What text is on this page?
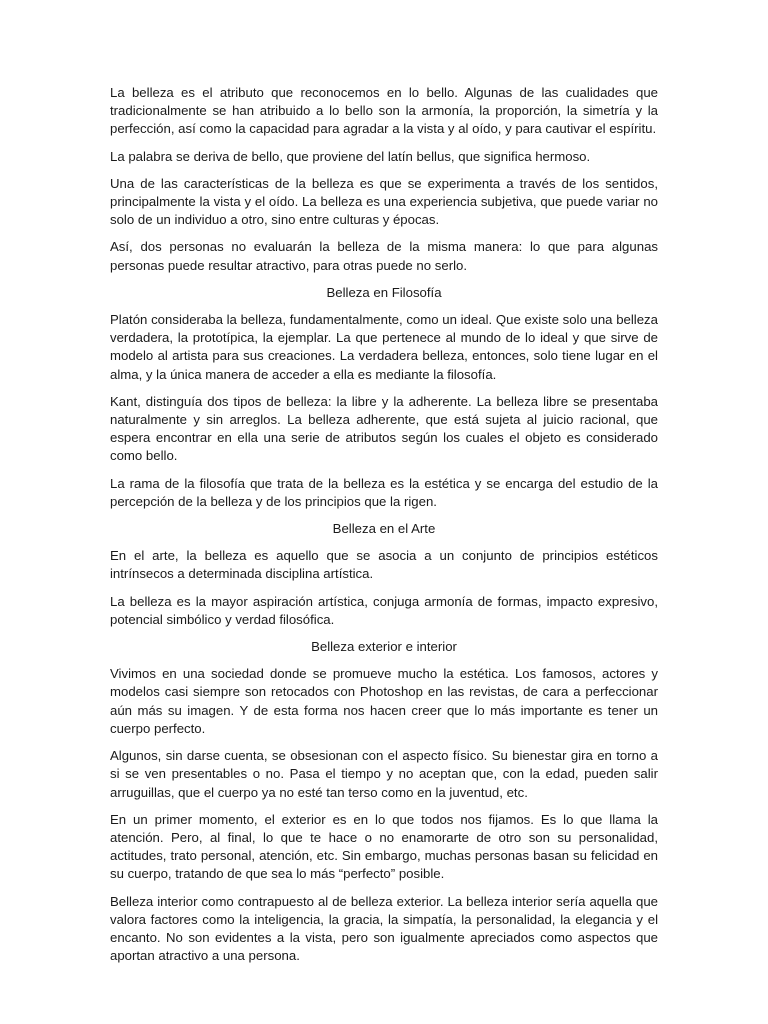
La belleza es el atributo que reconocemos en lo bello. Algunas de las cualidades que tradicionalmente se han atribuido a lo bello son la armonía, la proporción, la simetría y la perfección, así como la capacidad para agradar a la vista y al oído, y para cautivar el espíritu.

La palabra se deriva de bello, que proviene del latín bellus, que significa hermoso.

Una de las características de la belleza es que se experimenta a través de los sentidos, principalmente la vista y el oído. La belleza es una experiencia subjetiva, que puede variar no solo de un individuo a otro, sino entre culturas y épocas.

Así, dos personas no evaluarán la belleza de la misma manera: lo que para algunas personas puede resultar atractivo, para otras puede no serlo.

Belleza en Filosofía

Platón consideraba la belleza, fundamentalmente, como un ideal. Que existe solo una belleza verdadera, la prototípica, la ejemplar. La que pertenece al mundo de lo ideal y que sirve de modelo al artista para sus creaciones. La verdadera belleza, entonces, solo tiene lugar en el alma, y la única manera de acceder a ella es mediante la filosofía.

Kant, distinguía dos tipos de belleza: la libre y la adherente. La belleza libre se presentaba naturalmente y sin arreglos. La belleza adherente, que está sujeta al juicio racional, que espera encontrar en ella una serie de atributos según los cuales el objeto es considerado como bello.

La rama de la filosofía que trata de la belleza es la estética y se encarga del estudio de la percepción de la belleza y de los principios que la rigen.

Belleza en el Arte

En el arte, la belleza es aquello que se asocia a un conjunto de principios estéticos intrínsecos a determinada disciplina artística.

La belleza es la mayor aspiración artística, conjuga armonía de formas, impacto expresivo, potencial simbólico y verdad filosófica.

Belleza exterior e interior

Vivimos en una sociedad donde se promueve mucho la estética. Los famosos, actores y modelos casi siempre son retocados con Photoshop en las revistas, de cara a perfeccionar aún más su imagen. Y de esta forma nos hacen creer que lo más importante es tener un cuerpo perfecto.

Algunos, sin darse cuenta, se obsesionan con el aspecto físico. Su bienestar gira en torno a si se ven presentables o no. Pasa el tiempo y no aceptan que, con la edad, pueden salir arruguillas, que el cuerpo ya no esté tan terso como en la juventud, etc.

En un primer momento, el exterior es en lo que todos nos fijamos. Es lo que llama la atención. Pero, al final, lo que te hace o no enamorarte de otro son su personalidad, actitudes, trato personal, atención, etc. Sin embargo, muchas personas basan su felicidad en su cuerpo, tratando de que sea lo más “perfecto” posible.

Belleza interior como contrapuesto al de belleza exterior. La belleza interior sería aquella que valora factores como la inteligencia, la gracia, la simpatía, la personalidad, la elegancia y el encanto. No son evidentes a la vista, pero son igualmente apreciados como aspectos que aportan atractivo a una persona.
